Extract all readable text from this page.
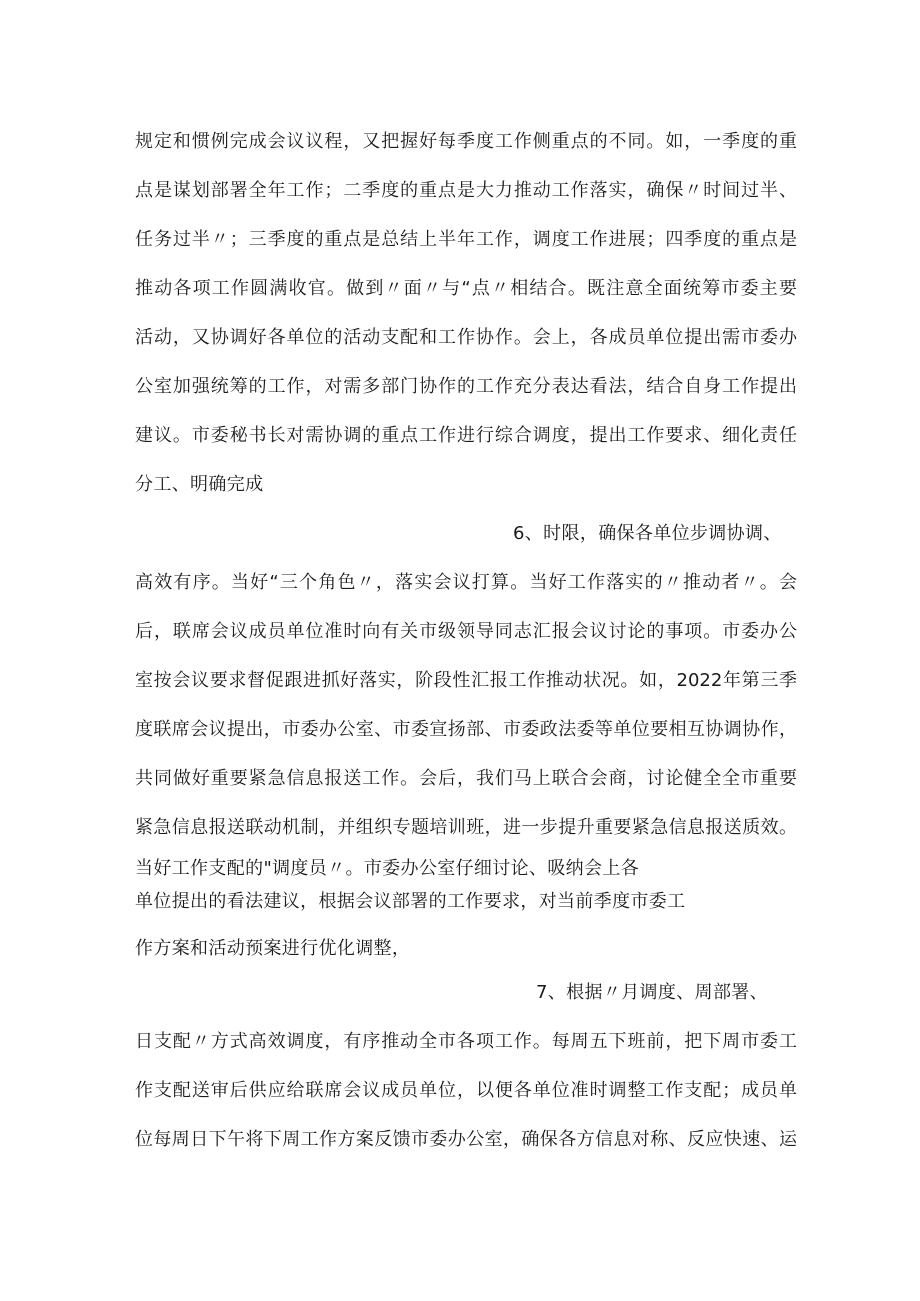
规定和惯例完成会议议程，又把握好每季度工作侧重点的不同。如，一季度的重
点是谋划部署全年工作；二季度的重点是大力推动工作落实，确保〃时间过半、
任务过半〃；三季度的重点是总结上半年工作，调度工作进展；四季度的重点是
推动各项工作圆满收官。做到〃面〃与“点〃相结合。既注意全面统筹市委主要
活动，又协调好各单位的活动支配和工作协作。会上，各成员单位提出需市委办
公室加强统筹的工作，对需多部门协作的工作充分表达看法，结合自身工作提出
建议。市委秘书长对需协调的重点工作进行综合调度，提出工作要求、细化责任
分工、明确完成
6、时限，确保各单位步调协调、
高效有序。当好“三个角色〃，落实会议打算。当好工作落实的〃推动者〃。会
后，联席会议成员单位准时向有关市级领导同志汇报会议讨论的事项。市委办公
室按会议要求督促跟进抓好落实，阶段性汇报工作推动状况。如，2022年第三季
度联席会议提出，市委办公室、市委宣扬部、市委政法委等单位要相互协调协作，
共同做好重要紧急信息报送工作。会后，我们马上联合会商，讨论健全全市重要
紧急信息报送联动机制，并组织专题培训班，进一步提升重要紧急信息报送质效。
当好工作支配的"调度员〃。市委办公室仔细讨论、吸纳会上各
单位提出的看法建议，根据会议部署的工作要求，对当前季度市委工
作方案和活动预案进行优化调整，
7、根据〃月调度、周部署、
日支配〃方式高效调度，有序推动全市各项工作。每周五下班前，把下周市委工
作支配送审后供应给联席会议成员单位，以便各单位准时调整工作支配；成员单
位每周日下午将下周工作方案反馈市委办公室，确保各方信息对称、反应快速、运
